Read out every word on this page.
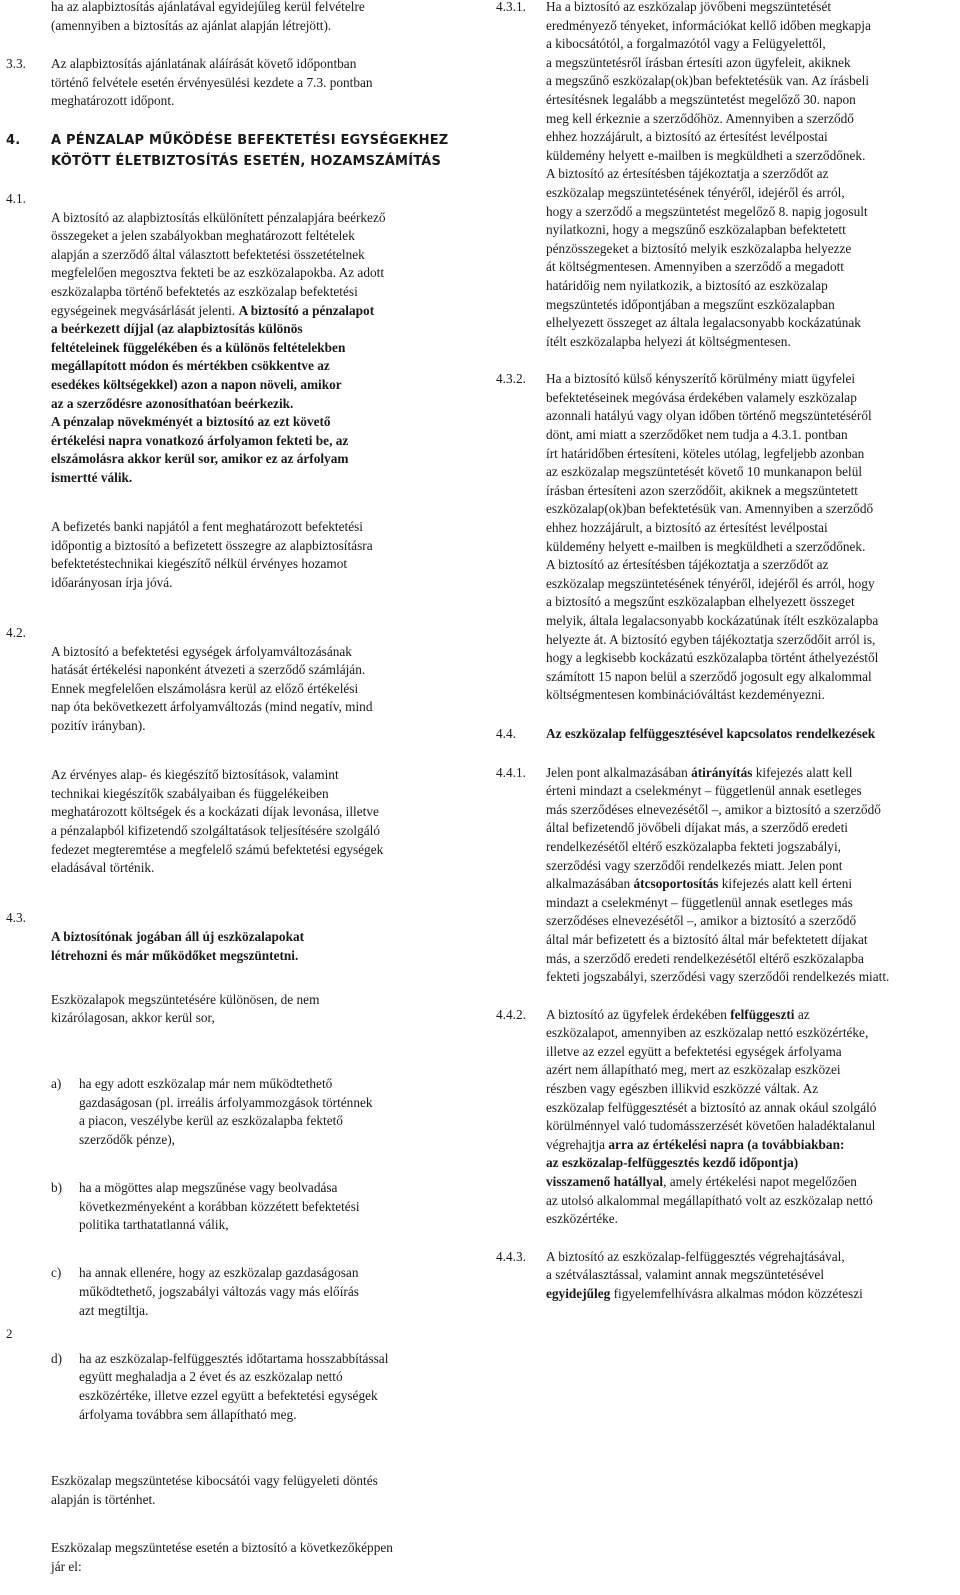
ha az alapbiztosítás ajánlatával egyidejűleg kerül felvételre
(amennyiben a biztosítás az ajánlat alapján létrejött).

3.3.	Az alapbiztosítás ajánlatának aláírását követő időpontban
történő felvétele esetén érvényesülési kezdete a 7.3. pontban
meghatározott időpont.
4.	A PÉNZALAP MŰKÖDÉSE BEFEKTETÉSI EGYSÉGEKHEZ
KÖTÖTT ÉLETBIZTOSÍTÁS ESETÉN, HOZAMSZÁMÍTÁS
4.1.

A biztosító az alapbiztosítás elkülönített pénzalapjára beérkező
összegeket a jelen szabályokban meghatározott feltételek
alapján a szerződő által választott befektetési összetételnek
megfelelően megosztva fekteti be az eszközalapokba. Az adott
eszközalapba történő befektetés az eszközalap befektetési
egységeinek megvásárlását jelenti. A biztosító a pénzalapot
a beérkezett díjjal (az alapbiztosítás különös
feltételeinek függelékében és a különös feltételekben
megállapított módon és mértékben csökkentve az
esedékes költségekkel) azon a napon növeli, amikor
az a szerződésre azonosíthatóan beérkezik.
A pénzalap növekményét a biztosító az ezt követő
értékelési napra vonatkozó árfolyamon fekteti be, az
elszámolásra akkor kerül sor, amikor ez az árfolyam
ismertté válik.

A befizetés banki napjától a fent meghatározott befektetési
időpontig a biztosító a befizetett összegre az alapbiztosításra
befektetéstechnikai kiegészítő nélkül érvényes hozamot
időarányosan írja jóvá.

4.2.

A biztosító a befektetési egységek árfolyamváltozásának
hatását értékelési naponként átvezeti a szerződő számláján.
Ennek megfelelően elszámolásra kerül az előző értékelési
nap óta bekövetkezett árfolyamváltozás (mind negatív, mind
pozitív irányban).

Az érvényes alap- és kiegészítő biztosítások, valamint
technikai kiegészítők szabályaiban és függelékeiben
meghatározott költségek és a kockázati díjak levonása, illetve
a pénzalapból kifizetendő szolgáltatások teljesítésére szolgáló
fedezet megteremtése a megfelelő számú befektetési egységek
eladásával történik.

4.3.

A biztosítónak jogában áll új eszközalapokat
létrehozni és már működőket megszüntetni.

Eszközalapok megszüntetésére különösen, de nem
kizárólagosan, akkor kerül sor,

a)	ha egy adott eszközalap már nem működtethető
gazdaságosan (pl. irreális árfolyammozgások történnek
a piacon, veszélybe kerül az eszközalapba fektető
szerződők pénze),

b)	ha a mögöttes alap megszűnése vagy beolvadása
következményeként a korábban közzétett befektetési
politika tarthatatlanná válik,

c)	ha annak ellenére, hogy az eszközalap gazdaságosan
működtethető, jogszabályi változás vagy más előírás
azt megtiltja.

d)	ha az eszközalap-felfüggesztés időtartama hosszabbítással
együtt meghaladja a 2 évet és az eszközalap nettó
eszközértéke, illetve ezzel együtt a befektetési egységek
árfolyama továbbra sem állapítható meg.

Eszközalap megszüntetése kibocsátói vagy felügyeleti döntés
alapján is történhet.

Eszközalap megszüntetése esetén a biztosító a következőképpen
jár el:

4.3.1.	Ha a biztosító az eszközalap jövőbeni megszüntetését
eredményező tényeket, információkat kellő időben megkapja
a kibocsátótól, a forgalmazótól vagy a Felügyelettől,
a megszüntetésről írásban értesíti azon ügyfeleit, akiknek
a megszűnő eszközalap(ok)ban befektetésük van. Az írásbeli
értesítésnek legalább a megszüntetést megelőző 30. napon
meg kell érkeznie a szerződőhöz. Amennyiben a szerződő
ehhez hozzájárult, a biztosító az értesítést levélpostai
küldemény helyett e-mailben is megküldheti a szerződőnek.
A biztosító az értesítésben tájékoztatja a szerződőt az
eszközalap megszüntetésének tényéről, idejéről és arról,
hogy a szerződő a megszüntetést megelőző 8. napig jogosult
nyilatkozni, hogy a megszűnő eszközalapban befektetett
pénzösszegeket a biztosító melyik eszközalapba helyezze
át költségmentesen. Amennyiben a szerződő a megadott
határidőig nem nyilatkozik, a biztosító az eszközalap
megszüntetés időpontjában a megszűnt eszközalapban
elhelyezett összeget az általa legalacsonyabb kockázatúnak
ítélt eszközalapba helyezi át költségmentesen.
4.3.2.	Ha a biztosító külső kényszerítő körülmény miatt ügyfelei
befektetéseinek megóvása érdekében valamely eszközalap
azonnali hatályú vagy olyan időben történő megszüntetéséről
dönt, ami miatt a szerződőket nem tudja a 4.3.1. pontban
írt határidőben értesíteni, köteles utólag, legfeljebb azonban
az eszközalap megszüntetését követő 10 munkanapon belül
írásban értesíteni azon szerződőit, akiknek a megszüntetett
eszközalap(ok)ban befektetésük van. Amennyiben a szerződő
ehhez hozzájárult, a biztosító az értesítést levélpostai
küldemény helyett e-mailben is megküldheti a szerződőnek.
A biztosító az értesítésben tájékoztatja a szerződőt az
eszközalap megszüntetésének tényéről, idejéről és arról, hogy
a biztosító a megszűnt eszközalapban elhelyezett összeget
melyik, általa legalacsonyabb kockázatúnak ítélt eszközalapba
helyezte át. A biztosító egyben tájékoztatja szerződőit arról is,
hogy a legkisebb kockázatú eszközalapba történt áthelyezéstől
számított 15 napon belül a szerződő jogosult egy alkalommal
költségmentesen kombinációváltást kezdeményezni.
4.4.	Az eszközalap felfüggesztésével kapcsolatos rendelkezések
4.4.1.	Jelen pont alkalmazásában átirányítás kifejezés alatt kell
érteni mindazt a cselekményt – függetlenül annak esetleges
más szerződéses elnevezésétől –, amikor a biztosító a szerződő
által befizetendő jövőbeli díjakat más, a szerződő eredeti
rendelkezésétől eltérő eszközalapba fekteti jogszabályi,
szerződési vagy szerződői rendelkezés miatt. Jelen pont
alkalmazásában átcsoportosítás kifejezés alatt kell érteni
mindazt a cselekményt – függetlenül annak esetleges más
szerződéses elnevezésétől –, amikor a biztosító a szerződő
által már befizetett és a biztosító által már befektetett díjakat
más, a szerződő eredeti rendelkezésétől eltérő eszközalapba
fekteti jogszabályi, szerződési vagy szerződői rendelkezés miatt.

4.4.2.	A biztosító az ügyfelek érdekében felfüggeszti az
eszközalapot, amennyiben az eszközalap nettó eszközértéke,
illetve az ezzel együtt a befektetési egységek árfolyama
azért nem állapítható meg, mert az eszközalap eszközei
részben vagy egészben illikvid eszközzé váltak. Az
eszközalap felfüggesztését a biztosító az annak okául szolgáló
körülménnyel való tudomásszerzését követően haladéktalanul
végrehajtja arra az értékelési napra (a továbbiakban:
az eszközalap-felfüggesztés kezdő időpontja)
visszamenő hatállyal, amely értékelési napot megelőzően
az utolsó alkalommal megállapítható volt az eszközalap nettó
eszközértéke.

4.4.3.	A biztosító az eszközalap-felfüggesztés végrehajtásával,
a szétválasztással, valamint annak megszüntetésével
egyidejűleg figyelemfelhívásra alkalmas módon közzéteszi

2
